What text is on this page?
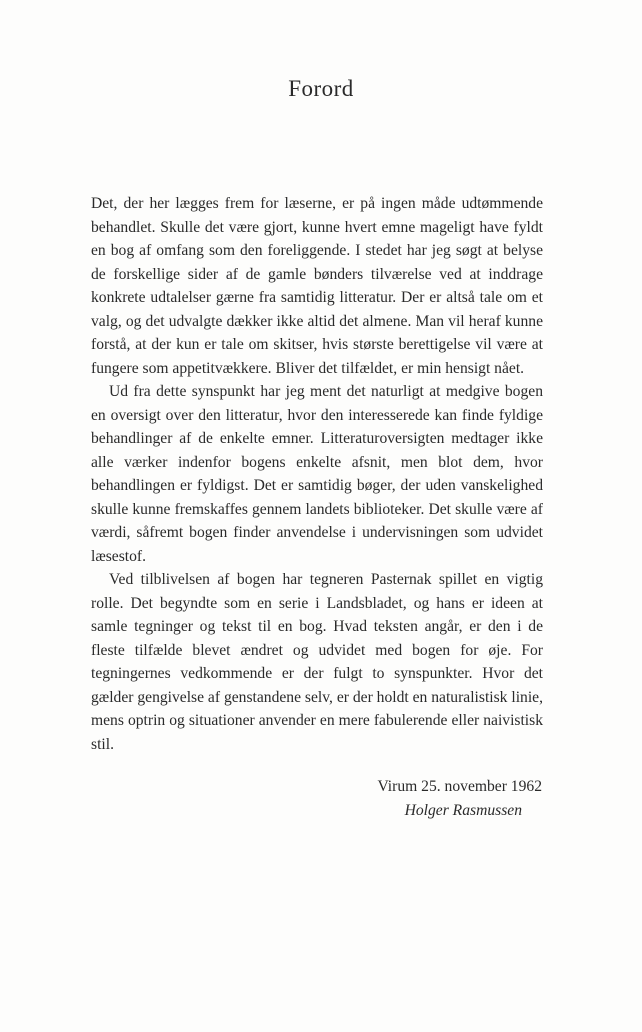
Forord

Det, der her lægges frem for læserne, er på ingen måde udtømmende behandlet. Skulle det være gjort, kunne hvert emne mageligt have fyldt en bog af omfang som den foreliggende. I stedet har jeg søgt at belyse de forskellige sider af de gamle bønders tilværelse ved at inddrage konkrete udtalelser gærne fra samtidig litteratur. Der er altså tale om et valg, og det udvalgte dækker ikke altid det almene. Man vil heraf kunne forstå, at der kun er tale om skitser, hvis største berettigelse vil være at fungere som appetitvækkere. Bliver det tilfældet, er min hensigt nået.

Ud fra dette synspunkt har jeg ment det naturligt at medgive bogen en oversigt over den litteratur, hvor den interesserede kan finde fyldige behandlinger af de enkelte emner. Litteraturoversigten medtager ikke alle værker indenfor bogens enkelte afsnit, men blot dem, hvor behandlingen er fyldigst. Det er samtidig bøger, der uden vanskelighed skulle kunne fremskaffes gennem landets biblioteker. Det skulle være af værdi, såfremt bogen finder anvendelse i undervisningen som udvidet læsestof.

Ved tilblivelsen af bogen har tegneren Pasternak spillet en vigtig rolle. Det begyndte som en serie i Landsbladet, og hans er ideen at samle tegninger og tekst til en bog. Hvad teksten angår, er den i de fleste tilfælde blevet ændret og udvidet med bogen for øje. For tegningernes vedkommende er der fulgt to synspunkter. Hvor det gælder gengivelse af genstandene selv, er der holdt en naturalistisk linie, mens optrin og situationer anvender en mere fabulerende eller naivistisk stil.

Virum 25. november 1962
Holger Rasmussen
